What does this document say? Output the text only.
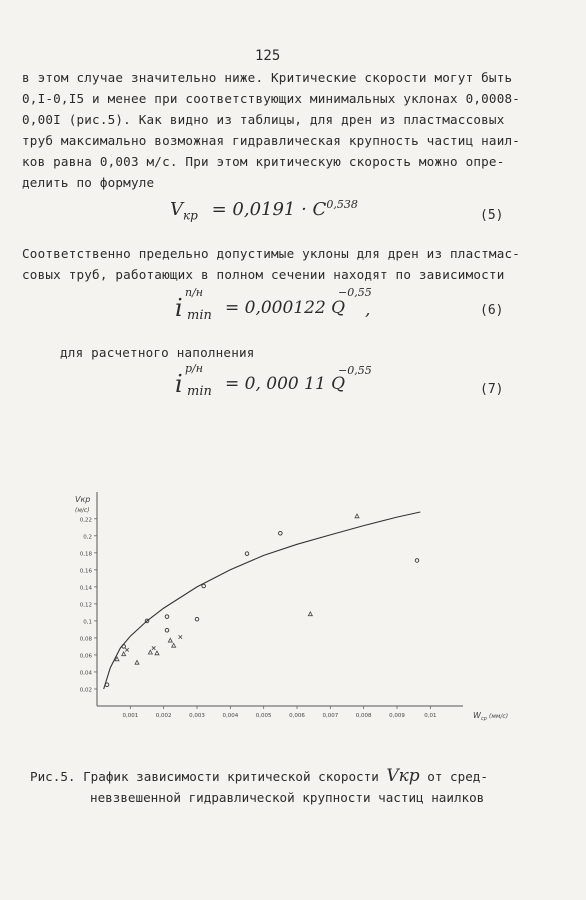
125
в этом случае значительно ниже. Критические скорости могут быть
0,I-0,I5 и менее при соответствующих минимальных уклонах 0,0008-
0,00I (рис.5). Как видно из таблицы, для дрен из пластмассовых
труб максимально возможная гидравлическая крупность частиц наил-
ков равна 0,003 м/с. При этом критическую скорость можно опре-
делить по формуле
$V_{кр} = 0,0191 \cdot C^{0,538}$
(5)
Соответственно предельно допустимые уклоны для дрен из пластмас-
совых труб, работающих в полном сечении находят по зависимости
i
п/н
min = 0,000122 Q
−0,55
,	(6)
для расчетного наполнения
i
р/н
min = 0, 000 11 Q
−0,55
(7)
0,02
0,04
0,06
0,08
0,1
0,12
0,14
0,16
0,18
0,2
0,22
0,001	0,002	0,003	0,004	0,005	0,006	0,007	0,008	0,009	0,01
Vкр
(м/с)
W ср (мм/с)
Рис.5. График зависимости критической скорости Vкр от сред-
невзвешенной гидравлической крупности частиц наилков
